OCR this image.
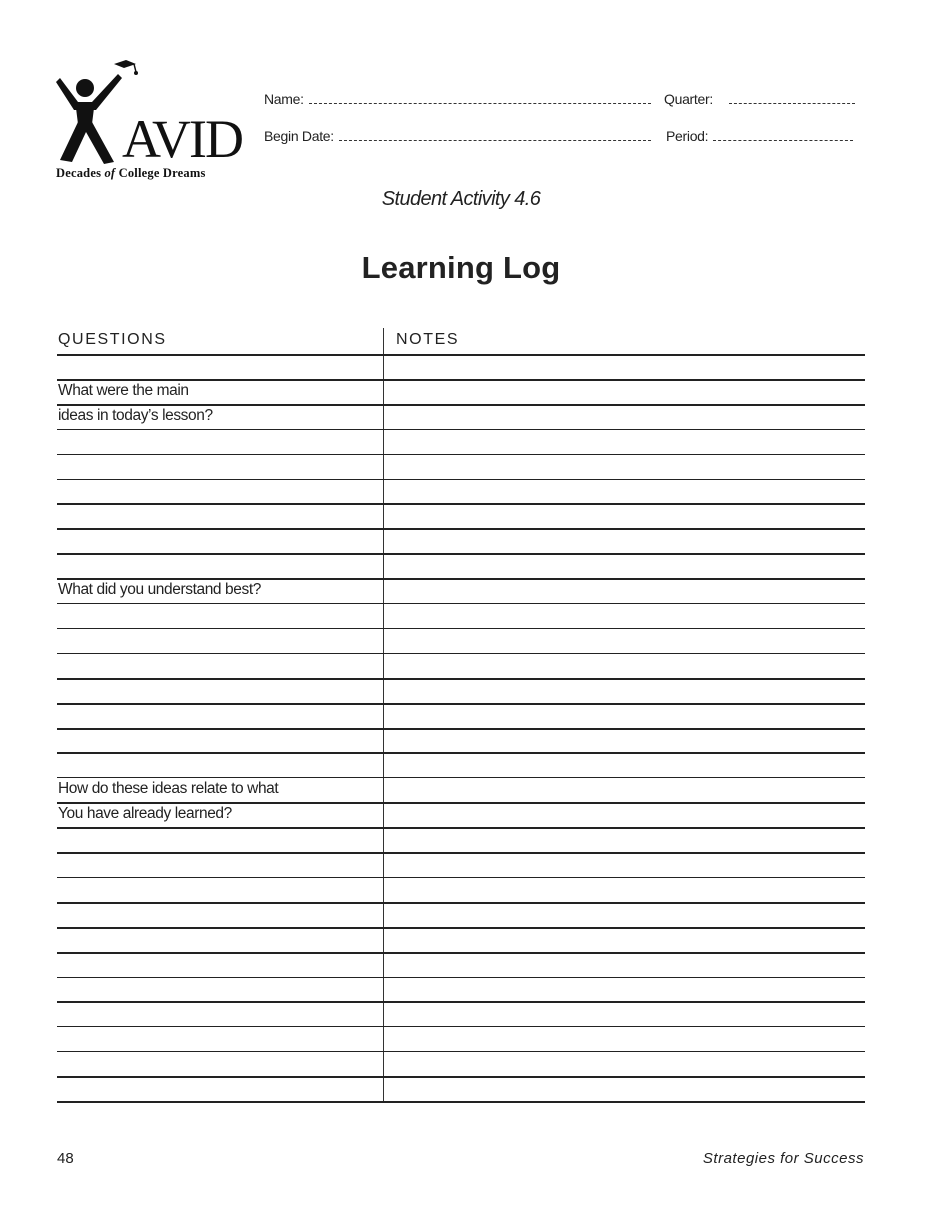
AVID
Decades of College Dreams
Name:	Quarter:
Begin Date:	Period:
Student Activity 4.6
Learning Log
QUESTIONS	NOTES
What were the main
ideas in today’s lesson?
What did you understand best?
How do these ideas relate to what
You have already learned?
48	Strategies for Success
